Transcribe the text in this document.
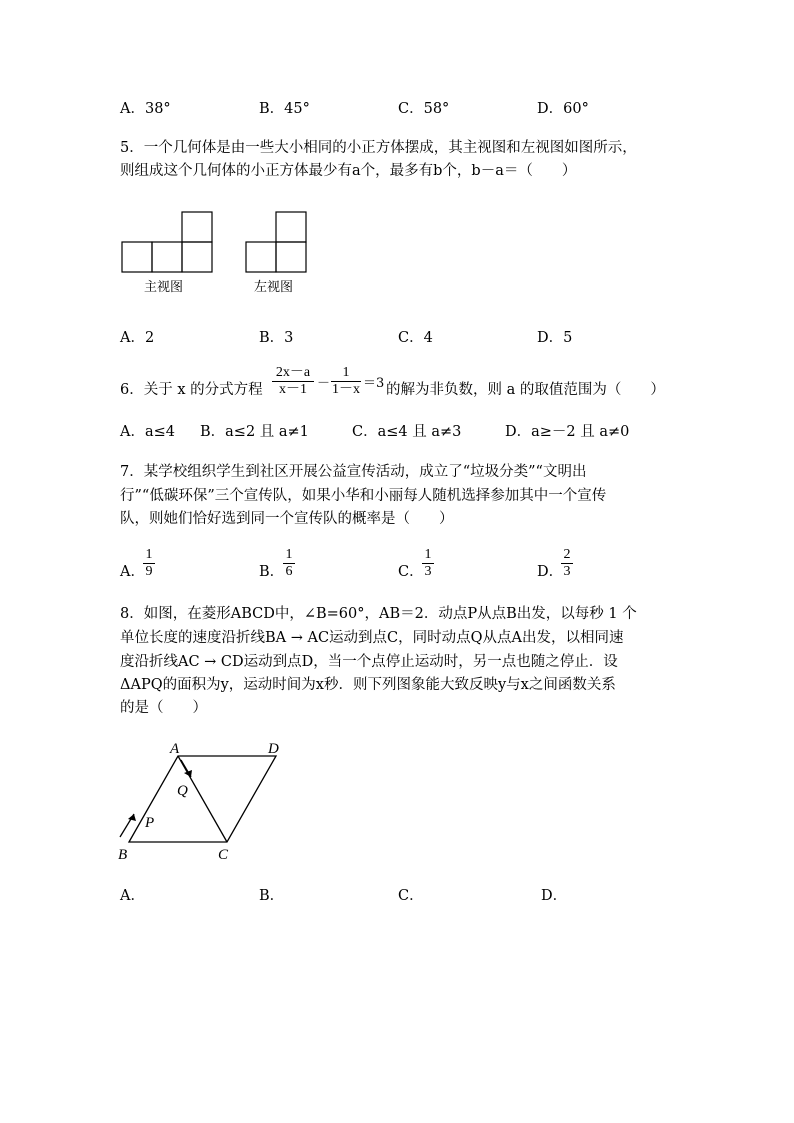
A．38°	B．45°	C．58°	D．60°
5．一个几何体是由一些大小相同的小正方体摆成，其主视图和左视图如图所示，
则组成这个几何体的小正方体最少有a个，最多有b个，b－a＝（　　）
主视图	左视图
A．2	B．3	C．4	D．5
6．关于 x 的分式方程
2x－a
x－1 －
1
1－x ＝3 的解为非负数，则 a 的取值范围为（　　）
A．a≤4 B．a≤2 且 a≠1	C．a≤4 且 a≠3	D．a≥－2 且 a≠0
7．某学校组织学生到社区开展公益宣传活动，成立了“垃圾分类”“文明出
行”“低碳环保”三个宣传队，如果小华和小丽每人随机选择参加其中一个宣传
队，则她们恰好选到同一个宣传队的概率是（　　）
A．
1
9	B．
1
6	C．
1
3	D．
2
3
8．如图，在菱形ABCD中，∠B=60°，AB＝2．动点P从点B出发，以每秒 1 个
单位长度的速度沿折线BA → AC运动到点C，同时动点Q从点A出发，以相同速
度沿折线AC → CD运动到点D，当一个点停止运动时，另一点也随之停止．设
ΔAPQ的面积为y，运动时间为x秒．则下列图象能大致反映y与x之间函数关系
的是（　　）
A	D
B	C
P
Q
A．	B．	C．	D．
